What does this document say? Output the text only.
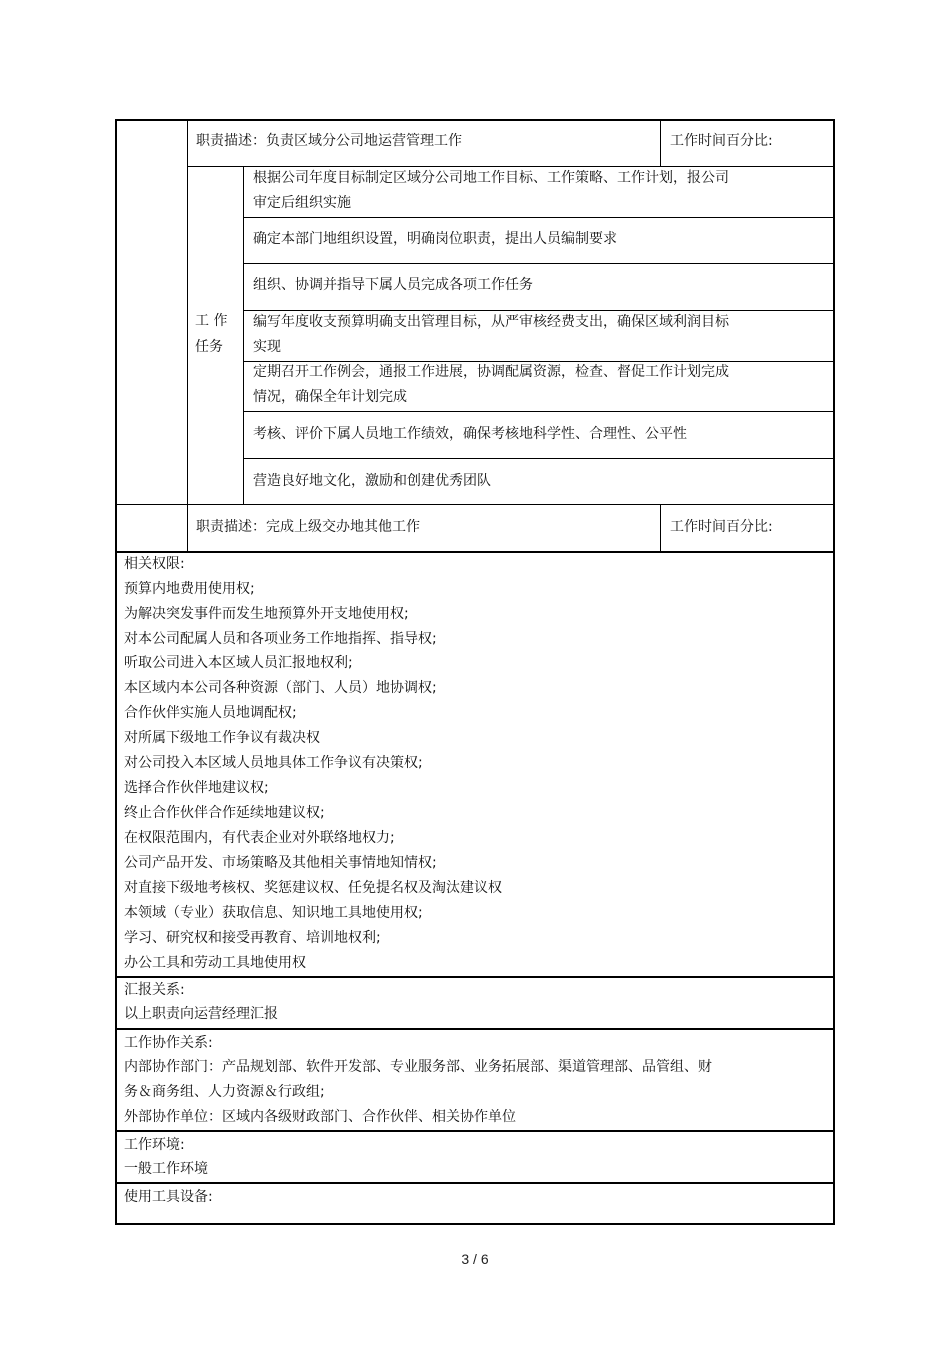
职责描述：负责区域分公司地运营管理工作	工作时间百分比:
工 作
任务
根据公司年度目标制定区域分公司地工作目标、工作策略、工作计划，报公司
审定后组织实施
确定本部门地组织设置，明确岗位职责，提出人员编制要求
组织、协调并指导下属人员完成各项工作任务
编写年度收支预算明确支出管理目标，从严审核经费支出，确保区域利润目标
实现
定期召开工作例会，通报工作进展，协调配属资源，检查、督促工作计划完成
情况，确保全年计划完成
考核、评价下属人员地工作绩效，确保考核地科学性、合理性、公平性
营造良好地文化，激励和创建优秀团队
职责描述：完成上级交办地其他工作	工作时间百分比:
相关权限:
预算内地费用使用权;
为解决突发事件而发生地预算外开支地使用权;
对本公司配属人员和各项业务工作地指挥、指导权;
听取公司进入本区域人员汇报地权利;
本区域内本公司各种资源（部门、人员）地协调权;
合作伙伴实施人员地调配权;
对所属下级地工作争议有裁决权
对公司投入本区域人员地具体工作争议有决策权;
选择合作伙伴地建议权;
终止合作伙伴合作延续地建议权;
在权限范围内，有代表企业对外联络地权力;
公司产品开发、市场策略及其他相关事情地知情权;
对直接下级地考核权、奖惩建议权、任免提名权及淘汰建议权
本领域（专业）获取信息、知识地工具地使用权;
学习、研究权和接受再教育、培训地权利;
办公工具和劳动工具地使用权
汇报关系:
以上职责向运营经理汇报
工作协作关系:
内部协作部门：产品规划部、软件开发部、专业服务部、业务拓展部、渠道管理部、品管组、财
务＆商务组、人力资源＆行政组;
外部协作单位：区域内各级财政部门、合作伙伴、相关协作单位
工作环境:
一般工作环境
使用工具设备:
3 / 6
